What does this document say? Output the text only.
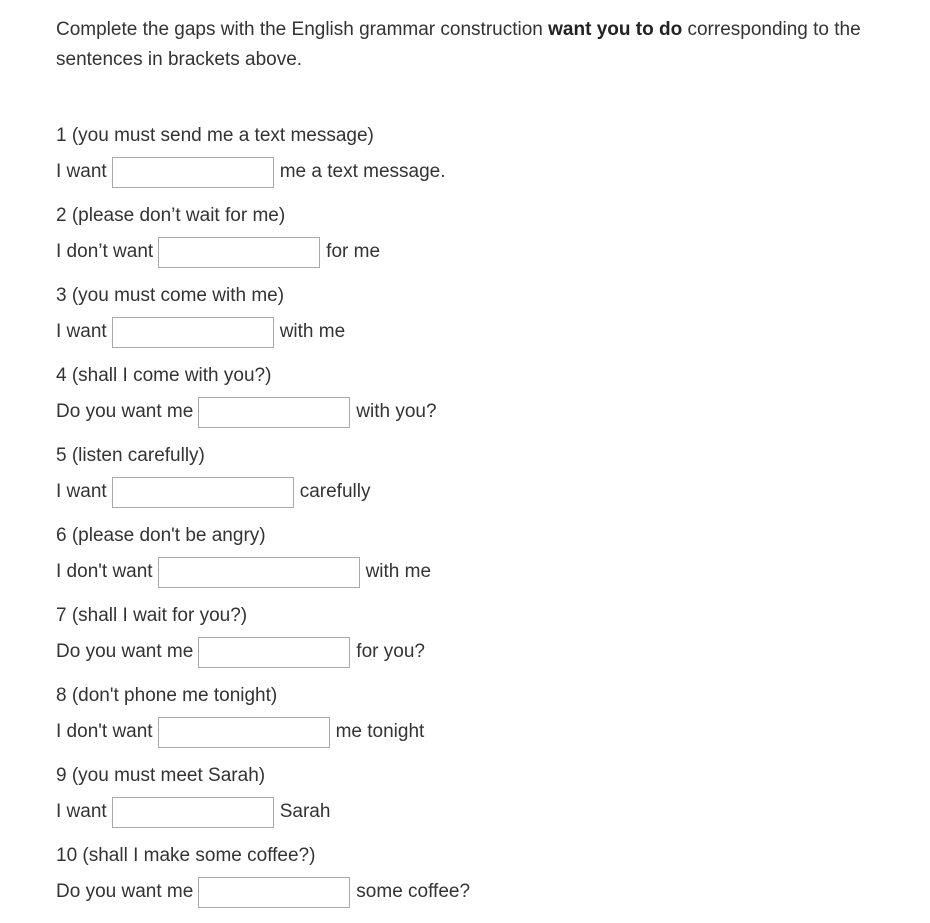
Complete the gaps with the English grammar construction want you to do corresponding to the sentences in brackets above.
1 (you must send me a text message)
I want	me a text message.
2 (please don’t wait for me)
I don’t want	for me
3 (you must come with me)
I want	with me
4 (shall I come with you?)
Do you want me	with you?
5 (listen carefully)
I want	carefully
6 (please don't be angry)
I don't want	with me
7 (shall I wait for you?)
Do you want me	for you?
8 (don't phone me tonight)
I don't want	me tonight
9 (you must meet Sarah)
I want	Sarah
10 (shall I make some coffee?)
Do you want me	some coffee?
